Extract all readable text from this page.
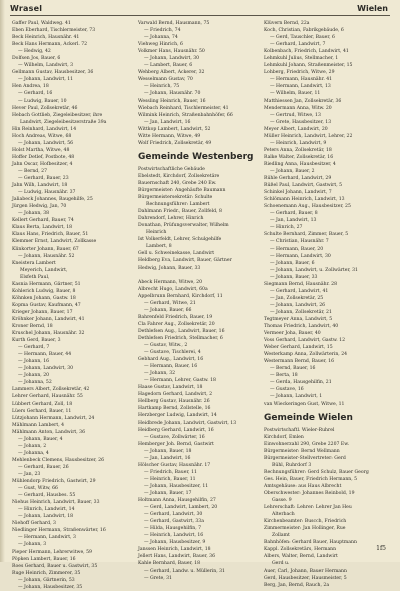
Wrasel	Wielen
Gaffer Paul, Waldweg. 41
Eben Eberhard, Tischlermeister, 73
Beck Heinrich, Hausnähr. 41
Beck Hans Hermann, Ackerl. 72
— Hedwig, 42
Dolfsen Jos, Bauer, 6
— Wilhelm, Landwirt, 3
Gellmann Gustav, Hausbesitzer, 36
— Johann, Landwirt, 11
Hen Andrea, 18
— Gerhard, 16
— Ludwig, Bauer, 10
Hever Paul, Zollsekretär, 46
Hebach Gottlieb, Ziegeleibesitzer, ihre
Landwirt, Ziegeleibesitzerstraße 39a
Hin Reinhard, Landwirt, 14
Hoch Andreas, Witwe, 68
— Johann, Landwirt, 56
Holst Martha, Witwe, 48
Hoffer Detlef, Postbote, 48
Jahn Oscar, Hofbesitzer, 4
— Bernd, 27
— Gerhard, Bauer, 23
Jahn Wilh, Landwirt, 18
— Ludwig, Hausnähr. 37
Jaliabeck Johannes, Baugehilfe, 25
Jürgen Hedwig, Jan, 70
— Johann, 38
Kellert Gerhard, Bauer, 74
Klaus Berta, Landwirt, 18
Klaus Hans, Friedrich, Bauer, 51
Klemmer Ernst, Landwirt, Zollkasse
Klinkorter Johann, Bauer, 67
— Johann, Hausnähr. 52
Kneistera Lambert
Meyerich, Landwirt,
Elsfeth Paul,
Kasnia Hermann, Gärtner, 51
Kohlerich Ludwig, Bauer, 8
Köhnken Johann, Gastw. 18
Kopma Gustav, Kaufmann, 47
Krieger Johann, Bauer, 17
Kröhnker Johann, Landwirt, 41
Kroner Bernd, 18
Kruschel Johann, Hausnähr. 32
Kurth Gerd, Bauer, 3
— Gerhard, 7
— Hermann, Bauer, 44
— Johann, 16
— Johann, Landwirt, 30
— Johann, 20
— Johanna, 52
Lammers Albert, Zollsekretär, 42
Lehrer Gerhard, Hausnähr. 55
Lübbert Gerhard, Zoll, 18
Lüers Gerhard, Bauer, 11
Lützjohann Hermann, Landwirt, 24
Mählmann Lambert, 4
Mählmann Anton, Landwirt, 36
— Johann, Bauer, 4
— Johann, 2
— Johanna, 4
Mehlenbeck Clemens, Hausbesitzer, 26
— Gerhard, Bauer, 26
— Jan, 23
Mühlendorp Friedrich, Gastwirt, 29
— Gust, Witw, 66
— Gerhard, Hausbes. 55
Niehus Heinrich, Landwirt, Bauer, 33
— Hinrich, Landwirt, 14
— Johann, Landwirt, 18
Niehoff Gerhard, 3
Niedlinger Hermann, Straßenwärter, 16
— Hermann, Landwirt, 3
— Johann, 3
Pieper Hermann, Lehrerwitwe, 59
Pöpken Lambert, Bauer, 16
Roes Gerhard, Bauer u. Gastwirt, 35
Ruge Heinrich, Zimmerer, 35
— Johann, Gärtnerin, 53
— Johann, Hausbesitzer, 35
Varwald Bernd, Hausmann, 75
— Friedrich, 74
— Johanna, 74
Viehweg Hinrich, 6
Volkmer Hans, Hausnähr. 50
— Johann, Landwirt, 30
— Lambert, Bauer, 6
Wehberg Albert, Ackerer, 32
Wesselmann Gustav, 70
— Heinrich, 75
— Johann, Hausnähr. 70
Wessling Heinrich, Bauer, 16
Wiebach Reinhard, Tischlermeister, 41
Wilmink Heinrich, Straßenbahnhöfer, 66
— Jan, Landwirt, 16
Wittkop Lambert, Landwirt, 52
Witte Hermann, Witwe, 49
Wolf Friedrich, Zollsekretär, 49
Gemeinde Westenberg
Postwirtschaftliche Gebäude
Ebelstedt, Kirchdorf, Zollsekretäre
Bauernschaft 240, Grebe 240 Ew.
Bürgermeister: Angehäufte Baumann
Bürgermeistersekretär: Schulte
Rechnungsführer: Lambert
Dahlmann Friedr., Bauer, Zollfeld, 8
Dahrendorf, Lehrer, Hinrich
Donathan, Prüfungsverwalter, Wilhelm
Heinrich
Ist Volkerfeldt, Lehrer, Schulgehilfe
Lambert, 8
Gell u. Schweinekasse, Landwirt
Heldberg Eva, Landwirt, Bauer, Gärtner
Hedwig, Johann, Bauer, 33

Abeck Hermann, Witwe, 20
Albrecht Hugo, Landwirt, 60a
Appelbrunn Bernhard, Kirchdorf, 11
— Gerhard, Witwe, 21
— Johann, Bauer, 66
Bahrenfeld Friedrich, Bauer, 19
Cla Fahrer Aug., Zollsekretär, 20
Dethlefsen Aug., Landwirt, Bauer, 16
Dethlefsen Friedrich, Stellmacher, 6
— Gustav, Witw., 2
— Gustave, Tischlerei, 4
Gebhard Aug., Landwirt, 16
— Hermann, Bauer, 16
— Johann, 32
— Hermann, Lehrer, Gastw. 18
Haase Gustav, Landwirt, 18
Hagedorn Gerhard, Landwirt, 2
Hellberg Gustav, Hausnähr. 26
Hartkamp Bernd, Zollstelle, 16
Herzberger Ludwig, Landwirt, 14
Heidbrede Johann, Landwirt, Gastwirt, 13
Heidberg Gerhard, Landwirt, 16
— Gustave, Zollwärter, 16
Hemberger Joh. Bernd, Gastwirt
— Johann, Bauer, 18
— Jan, Landwirt, 16
Hölscher Gustav, Hausnähr. 17
— Friedrich, Bauer, 11
— Heinrich, Bauer, 11
— Johann, Hausbesitzer, 11
— Johann, Bauer, 17
Holtmann Anna, Hausgehilfin, 27
— Gerd, Landwirt, Lambert, 20
— Gerhard, Landwirt, 30
— Gerhard, Gastwirt, 33a
— Hilda, Hausgehilfin, 7
— Heinrich, Landwirt, 16
— Johann, Hausbesitzer, 9
Janssen Heinrich, Landwirt, 18
Jellert Hans, Landwirt, Bauer, 36
Kahle Bernhard, Bauer, 18
— Gerhard, Landw. u. Müllerin, 31
— Grete, 31
Klüvern Bernd, 22a
Koch, Christian, Fabrikgebäude, 6
— Gerd, Tauschler, Bauer, 6
— Gerhard, Landwirt, 7
Kolbenbach, Friedrich, Landwirt, 41
Lehmkuhl Julius, Stellmacher, 1
Lehmkuhl Johann, Straßenmeister, 15
Lohberg, Friedrich, Witwe, 29
— Hermann, Hausnähr. 41
— Hermann, Landwirt, 13
— Wilhelm, Bauer, 11
Matthiessen Jan, Zollsekretär, 36
Mendermann Anna, Witw. 20
— Gertrud, Witwe, 13
— Grete, Hausbesitzer, 13
Meyer Albert, Landwirt, 20
Müller Heinrich, Landwirt, Lehrer, 22
— Heinrich, Landwirt, 9
Peters Anna, Zollsekretär, 18
Ralke Walter, Zollsekretär, 16
Riedling Anna, Hausbesitzer, 4
— Johann, Bauer, 2
Rühle Gerhard, Landwirt, 29
Rüßel Paul, Landwirt, Gastwirt, 5
Schinkel Johann, Landwirt, 7
Schlömann Heinrich, Landwirt, 13
Schoenemann Aug., Hausbesitzer, 25
— Gerhard, Bauer, 8
— Jan, Landwirt, 13
— Hinrich, 27
Schulte Bernhard, Zimmer, Bauer, 5
— Christian, Hausnähr. 7
— Hermann, Bauer, 20
— Hermann, Landwirt, 30
— Johann, Bauer, 6
— Johann, Landwirt, u. Zollwärter, 31
— Johann, Bauer, 33
Siegmann Bernd, Hausnähr. 28
— Gerhard, Landwirt, 41
— Jan, Zollsekretär, 25
— Johann, Landwirt, 26
— Johann, Zollsekretär, 21
Tegtmeyer Anna, Landwirt, 5
Thomas Friedrich, Landwirt, 40
Vermeer Joha, Bauer, 40
Voss Gerhard, Landwirt, Gastw. 12
Weber Gerhard, Landwirt, 15
Westerkamp Anna, Zollwärterin, 24
Westermann Bernd, Bauer, 16
— Bernd, Bauer, 16
— Berta, 18
— Gerda, Hausgehilfin, 21
— Gustave, 16
— Johann, Landwirt, 1
van Wieckeringen Gust, Witwe, 11
Gemeinde Wielen
Postwirtschaftl. Wieler-Ruhrel
Kirchdorf, Emlen
Einwohnerzahl 290, Grebe 2207 Ew.
Bürgermeister: Bernd Wellmann
Bürgermeister-Stellvertreter: Gerd
Bühl, Ruhrdorf 3
Rechnungsführer: Gerd Schulz, Bauer Georg
Ges. Hein, Bauer, Friedrich Hermann, 5
Amtsgehäuse: aus Haus Albrecht
Oberschwester: Johannes Reinbold, 19
Gasse. 9
Lehrerschaft: Lehrer: Lehrer Jan Heu
Alterbach
Kirchenbeamter: Buscch, Friedrich
Zimmermeister: Jan Hollinger, Rue
Zollamt
Bahnhöfen: Gerhard Bauer, Hauptmann
Kappl. Zollsekretärs, Hermann
Albers, Walter, Bernd, Landwirt
Gerd u.
Auer, Carl, Johann, Bauer Hermann
Gerd, Hausbesitzer, Hausmeister, 5
Berg, Jan, Bernd, Rauch, 2a
1f5
